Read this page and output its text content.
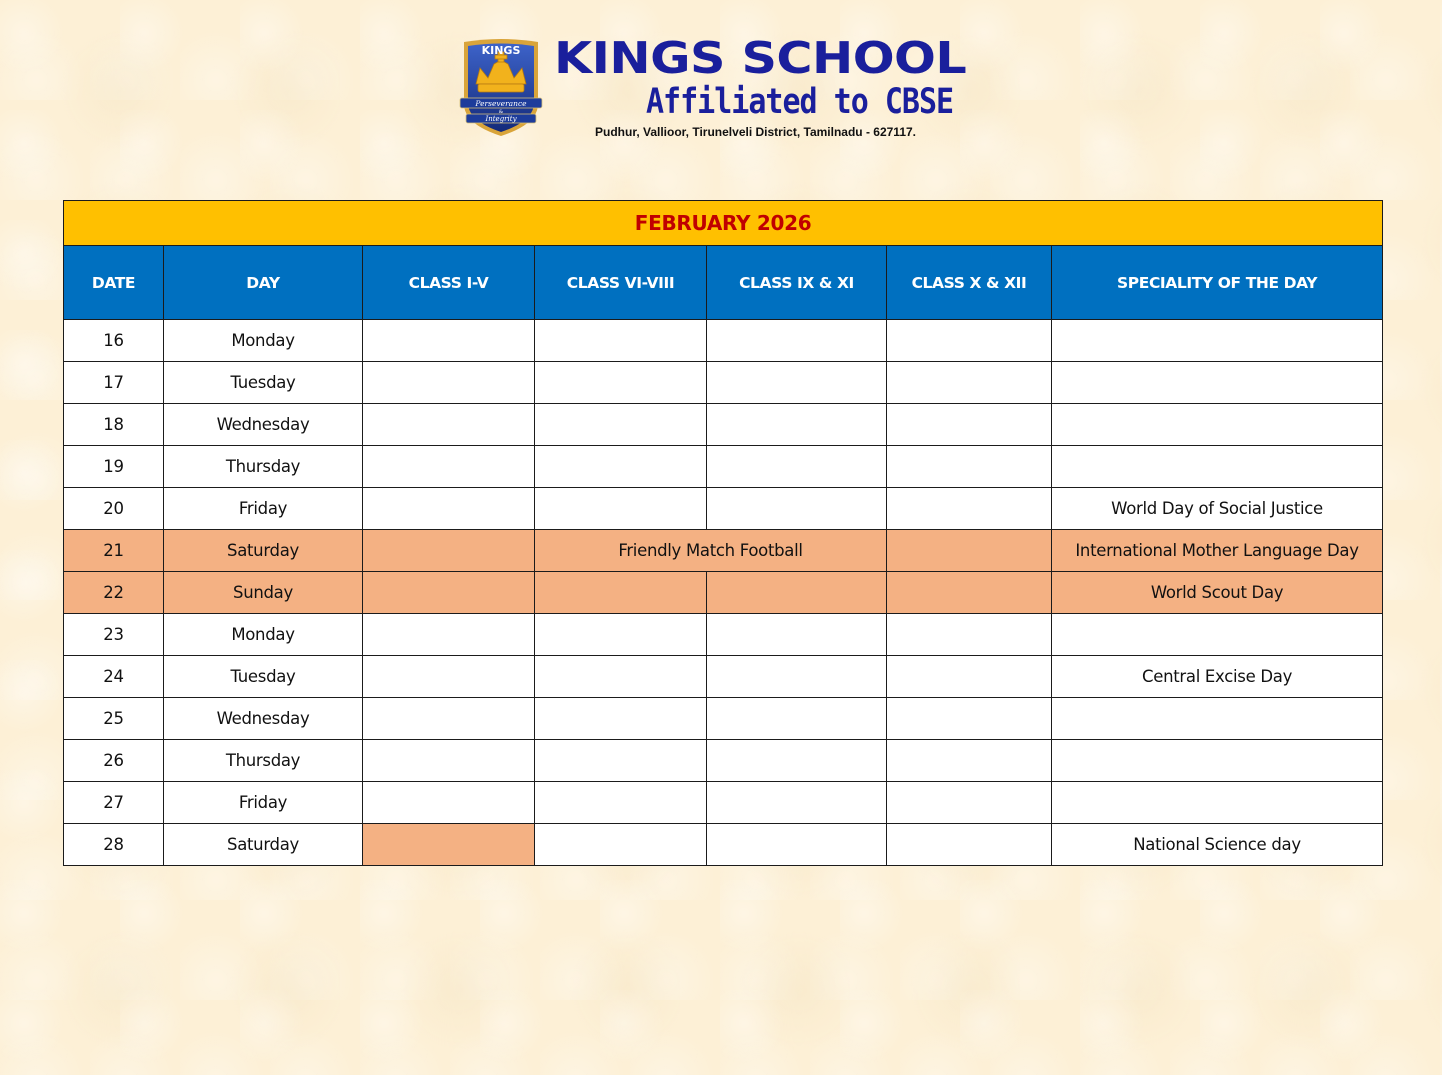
KINGS
Perseverance
&
Integrity
KINGS SCHOOL
Affiliated to CBSE
Pudhur, Vallioor, Tirunelveli District, Tamilnadu - 627117.
FEBRUARY 2026						
DATE	DAY	CLASS I-V	CLASS VI-VIII	CLASS IX & XI	CLASS X & XII	SPECIALITY OF THE DAY
16	Monday					
17	Tuesday					
18	Wednesday					
19	Thursday					
20	Friday					World Day of Social Justice
21	Saturday		Friendly Match Football			International Mother Language Day
22	Sunday					World Scout Day
23	Monday					
24	Tuesday					Central Excise Day
25	Wednesday					
26	Thursday					
27	Friday					
28	Saturday					National Science day
